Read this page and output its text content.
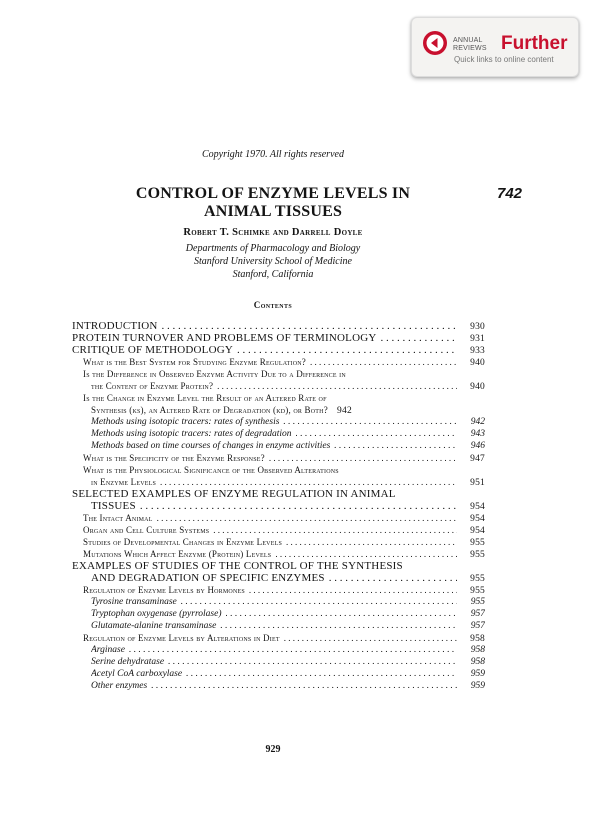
ANNUAL
REVIEWS Further
Quick links to online content
Copyright 1970. All rights reserved
CONTROL OF ENZYME LEVELS IN
ANIMAL TISSUES
742
Robert T. Schimke and Darrell Doyle
Departments of Pharmacology and Biology
Stanford University School of Medicine
Stanford, California
Contents
INTRODUCTION . . .	930
PROTEIN TURNOVER AND PROBLEMS OF TERMINOLOGY . . .	931
CRITIQUE OF METHODOLOGY . . .	933
What is the Best System for Studying Enzyme Regulation? . . .	940
Is the Difference in Observed Enzyme Activity Due to a Difference in
the Content of Enzyme Protein? . . .	940
Is the Change in Enzyme Level the Result of an Altered Rate of
Synthesis (ks), an Altered Rate of Degradation (kd), or Both? 942
Methods using isotopic tracers: rates of synthesis . . .	942
Methods using isotopic tracers: rates of degradation . . .	943
Methods based on time courses of changes in enzyme activities . . .	946
What is the Specificity of the Enzyme Response? . . .	947
What is the Physiological Significance of the Observed Alterations
in Enzyme Levels . . .	951
SELECTED EXAMPLES OF ENZYME REGULATION IN ANIMAL
TISSUES . . .	954
The Intact Animal . . .	954
Organ and Cell Culture Systems . . .	954
Studies of Developmental Changes in Enzyme Levels . . .	955
Mutations Which Affect Enzyme (Protein) Levels . . .	955
EXAMPLES OF STUDIES OF THE CONTROL OF THE SYNTHESIS
AND DEGRADATION OF SPECIFIC ENZYMES . . .	955
Regulation of Enzyme Levels by Hormones . . .	955
Tyrosine transaminase . . .	955
Tryptophan oxygenase (pyrrolase) . . .	957
Glutamate-alanine transaminase . . .	957
Regulation of Enzyme Levels by Alterations in Diet . . .	958
Arginase . . .	958
Serine dehydratase . . .	958
Acetyl CoA carboxylase . . .	959
Other enzymes . . .	959
929
